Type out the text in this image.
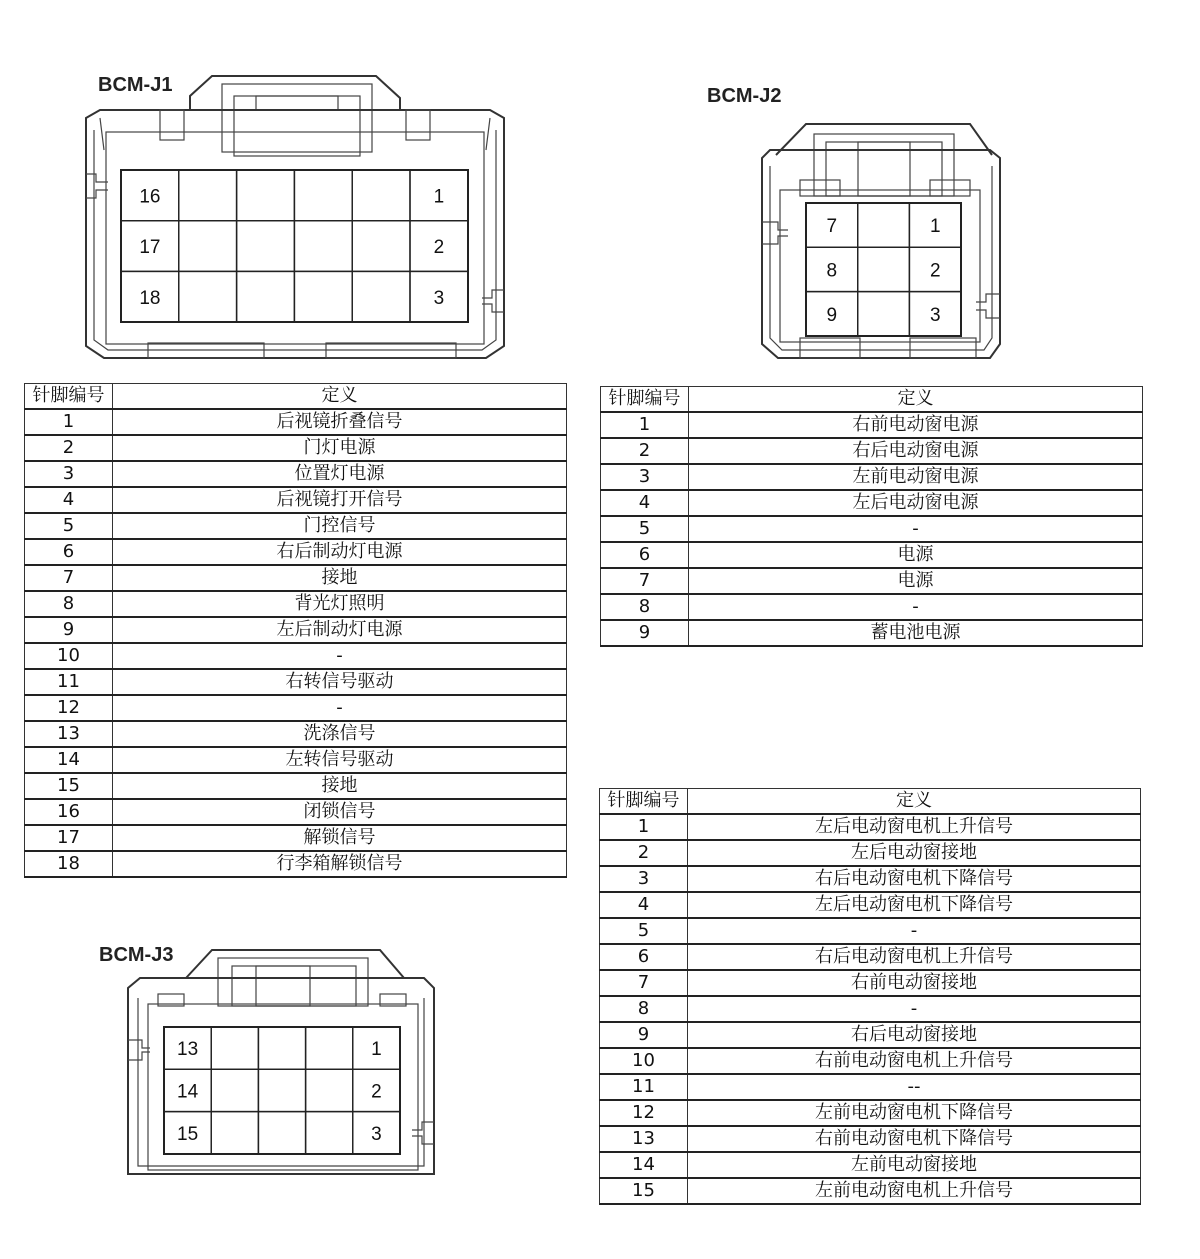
BCM-J1	BCM-J2
BCM-J3
16	1
17	2
18	3
7	1
8	2
9	3
13	1
14	2
15	3
针脚编号	定义
1	后视镜折叠信号
2	门灯电源
3	位置灯电源
4	后视镜打开信号
5	门控信号
6	右后制动灯电源
7	接地
8	背光灯照明
9	左后制动灯电源
10	-
11	右转信号驱动
12	-
13	洗涤信号
14	左转信号驱动
15	接地
16	闭锁信号
17	解锁信号
18	行李箱解锁信号
针脚编号	定义
1	右前电动窗电源
2	右后电动窗电源
3	左前电动窗电源
4	左后电动窗电源
5	-
6	电源
7	电源
8	-
9	蓄电池电源
针脚编号	定义
1	左后电动窗电机上升信号
2	左后电动窗接地
3	右后电动窗电机下降信号
4	左后电动窗电机下降信号
5	-
6	右后电动窗电机上升信号
7	右前电动窗接地
8	-
9	右后电动窗接地
10	右前电动窗电机上升信号
11	--
12	左前电动窗电机下降信号
13	右前电动窗电机下降信号
14	左前电动窗接地
15	左前电动窗电机上升信号
